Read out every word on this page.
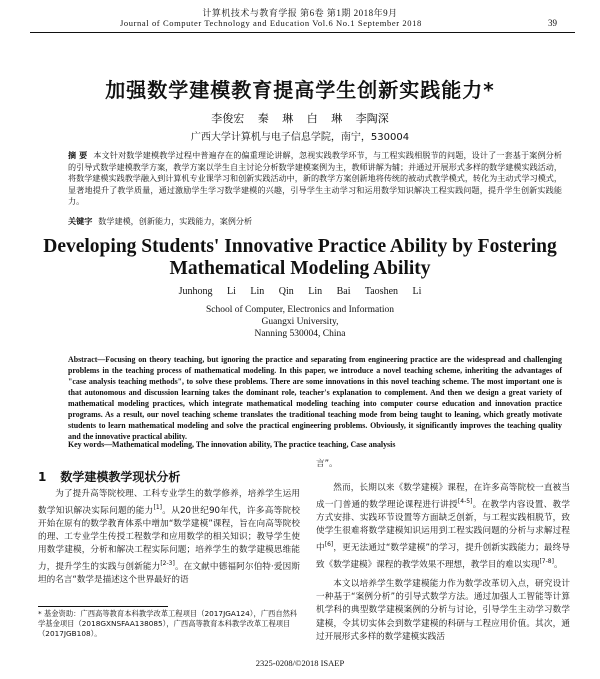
计算机技术与教育学报 第6卷 第1期 2018年9月
Journal of Computer Technology and Education Vol.6 No.1 September 2018	39
加强数学建模教育提高学生创新实践能力*
李俊宏 秦 琳 白 琳 李陶深
广西大学计算机与电子信息学院，南宁，530004
摘 要 本文针对数学建模教学过程中普遍存在的偏重理论讲解，忽视实践教学环节，与工程实践相脱节的问题，设计了一套基于案例分析的引导式数学建模教学方案，教学方案以学生自主讨论分析数学建模案例为主，教师讲解为辅；并通过开展形式多样的数学建模实践活动，将数学建模实践教学融入到计算机专业课学习和创新实践活动中，新的教学方案创新地将传统的被动式教学模式，转化为主动式学习模式，显著地提升了教学质量，通过激励学生学习数学建模的兴趣，引导学生主动学习和运用数学知识解决工程实践问题，提升学生创新实践能力。
关键字 数学建模，创新能力，实践能力，案例分析
Developing Students' Innovative Practice Ability by Fostering
Mathematical Modeling Ability
Junhong Li Lin Qin Lin Bai Taoshen Li
School of Computer, Electronics and Information
Guangxi University,
Nanning 530004, China
Abstract—Focusing on theory teaching, but ignoring the practice and separating from engineering practice are the widespread and challenging problems in the teaching process of mathematical modeling. In this paper, we introduce a novel teaching scheme, inheriting the advantages of "case analysis teaching methods", to solve these problems. There are some innovations in this novel teaching scheme. The most important one is that autonomous and discussion learning takes the dominant role, teacher's explanation to complement. And then we design a great variety of mathematical modeling practices, which integrate mathematical modeling teaching into computer course education and innovation practice programs. As a result, our novel teaching scheme translates the traditional teaching mode from being taught to leaning, which greatly motivate students to learn mathematical modeling and solve the practical engineering problems. Obviously, it significantly improves the teaching quality and the innovative practical ability.
Key words—Mathematical modeling, The innovation ability, The practice teaching, Case analysis
1 数学建模教学现状分析

为了提升高等院校理、工科专业学生的数学修养，培养学生运用数学知识解决实际问题的能力[1]。从20世纪90年代，许多高等院校开始在原有的数学教育体系中增加“数学建模”课程，旨在向高等院校的理、工专业学生传授工程数学和应用数学的相关知识；教导学生使用数学建模，分析和解决工程实际问题；培养学生的数学建模思维能力，提升学生的实践与创新能力[2-3]。在文献中德福阿尔伯特·爱因斯坦的名言“数学是描述这个世界最好的语

* 基金资助：广西高等教育本科教学改革工程项目（2017JGA124），广西自然科学基金项目（2018GXNSFAA138085），广西高等教育本科教学改革工程项目（2017JGB108）。

言”。

然而，长期以来《数学建模》课程，在许多高等院校一直被当成一门普通的数学理论课程进行讲授[4-5]。在教学内容设置、教学方式安排、实践环节设置等方面缺乏创新，与工程实践相脱节，致使学生很难将数学建模知识运用到工程实践问题的分析与求解过程中[6]，更无法通过“数学建模”的学习，提升创新实践能力；最终导致《数学建模》课程的教学效果不理想，教学目的难以实现[7-8]。

本文以培养学生数学建模能力作为数学改革切入点，研究设计一种基于“案例分析”的引导式数学方法。通过加强人工智能等计算机学科的典型数学建模案例的分析与讨论，引导学生主动学习数学建模，令其切实体会到数学建模的科研与工程应用价值。其次，通过开展形式多样的数学建模实践活

2325-0208/©2018 ISAEP
